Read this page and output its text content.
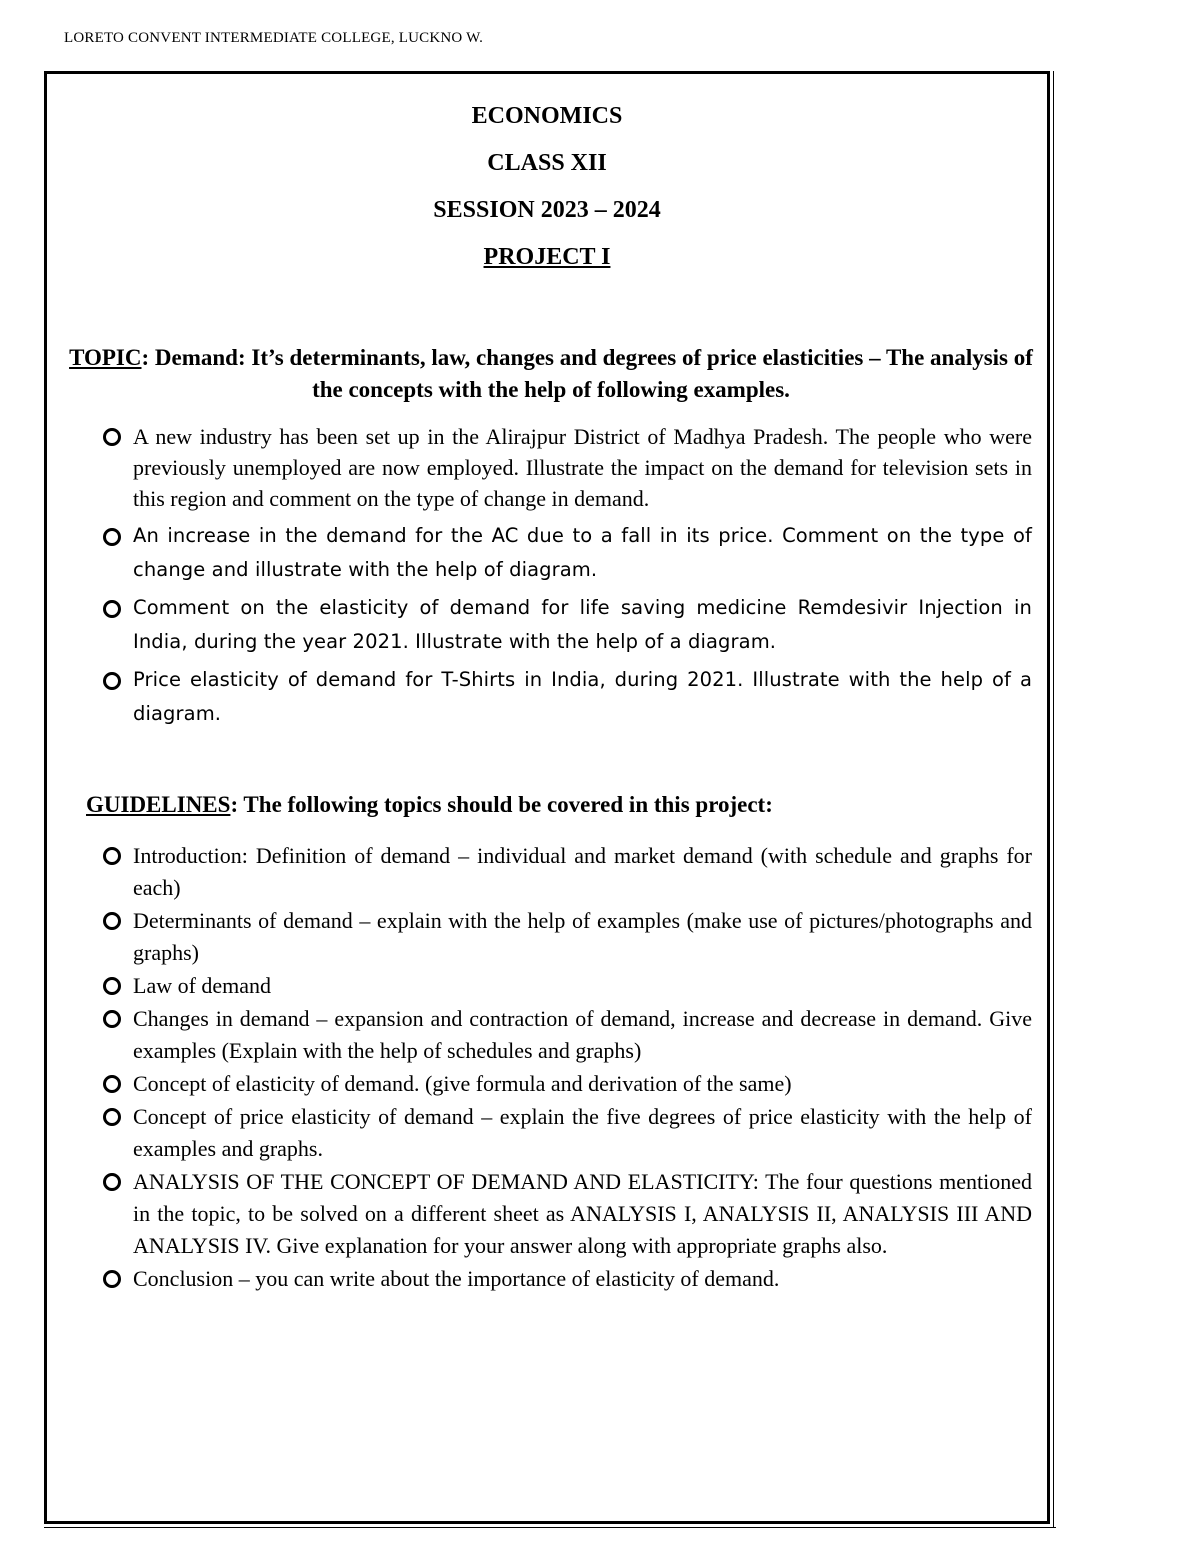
LORETO CONVENT INTERMEDIATE COLLEGE, LUCKNO W.
ECONOMICS
CLASS XII
SESSION 2023 – 2024
PROJECT I
TOPIC: Demand: It’s determinants, law, changes and degrees of price elasticities – The analysis of the concepts with the help of following examples.
A new industry has been set up in the Alirajpur District of Madhya Pradesh. The people who were previously unemployed are now employed. Illustrate the impact on the demand for television sets in this region and comment on the type of change in demand.
An increase in the demand for the AC due to a fall in its price. Comment on the type of change and illustrate with the help of diagram.
Comment on the elasticity of demand for life saving medicine Remdesivir Injection in India, during the year 2021. Illustrate with the help of a diagram.
Price elasticity of demand for T-Shirts in India, during 2021. Illustrate with the help of a diagram.
GUIDELINES: The following topics should be covered in this project:
Introduction: Definition of demand – individual and market demand (with schedule and graphs for each)
Determinants of demand – explain with the help of examples (make use of pictures/photographs and graphs)
Law of demand
Changes in demand – expansion and contraction of demand, increase and decrease in demand. Give examples (Explain with the help of schedules and graphs)
Concept of elasticity of demand. (give formula and derivation of the same)
Concept of price elasticity of demand – explain the five degrees of price elasticity with the help of examples and graphs.
ANALYSIS OF THE CONCEPT OF DEMAND AND ELASTICITY: The four questions mentioned in the topic, to be solved on a different sheet as ANALYSIS I, ANALYSIS II, ANALYSIS III AND ANALYSIS IV. Give explanation for your answer along with appropriate graphs also.
Conclusion – you can write about the importance of elasticity of demand.
